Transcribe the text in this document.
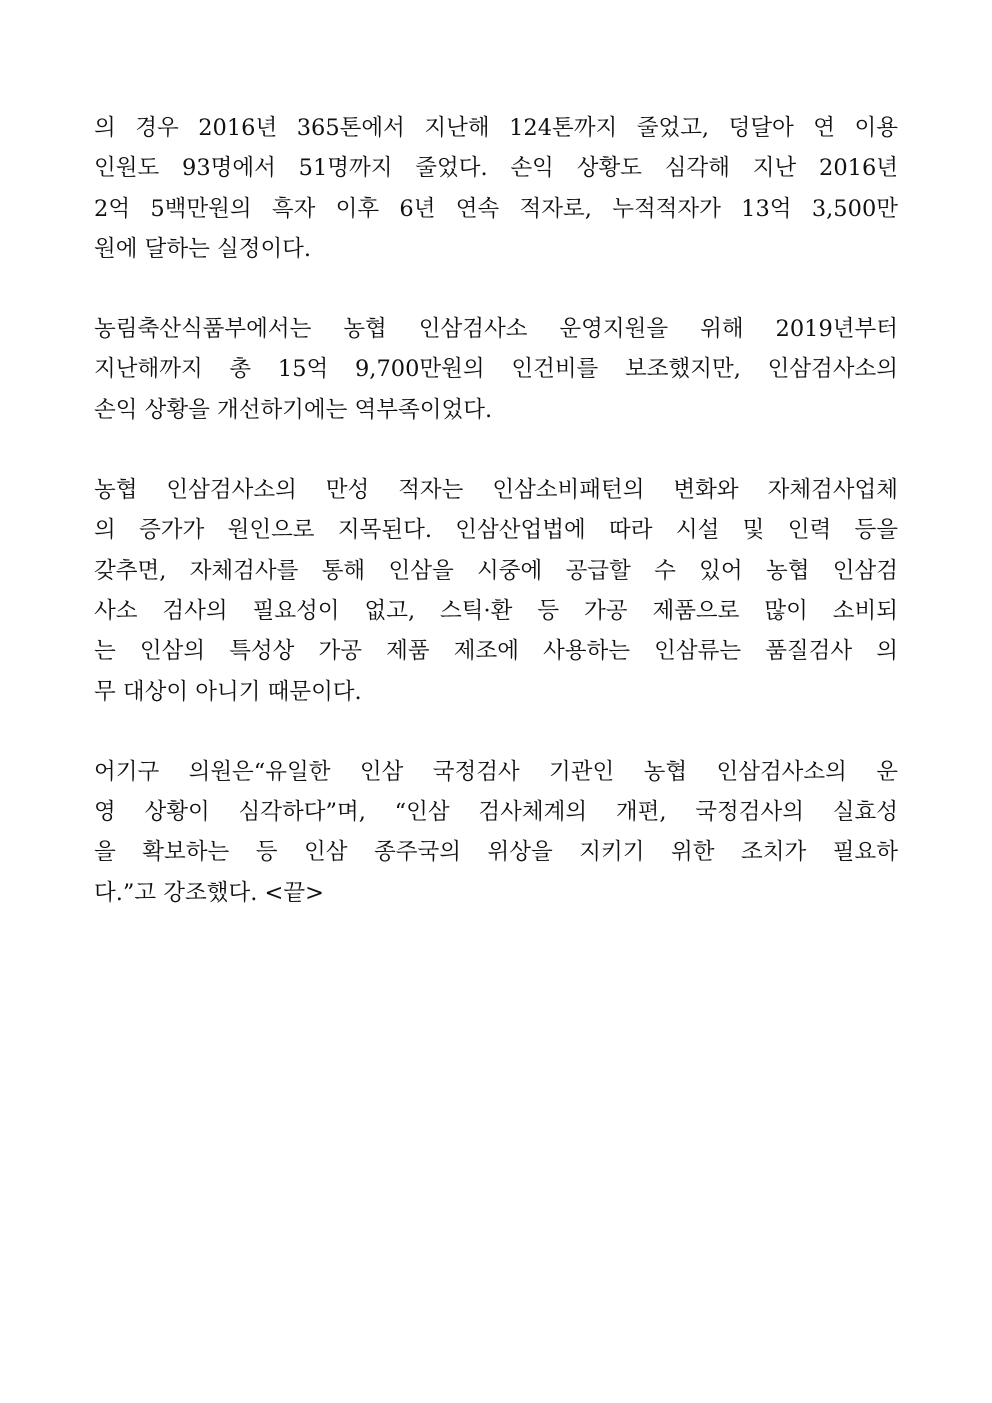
의 경우 2016년 365톤에서 지난해 124톤까지 줄었고, 덩달아 연 이용
인원도 93명에서 51명까지 줄었다. 손익 상황도 심각해 지난 2016년
2억 5백만원의 흑자 이후 6년 연속 적자로, 누적적자가 13억 3,500만
원에 달하는 실정이다.
농림축산식품부에서는 농협 인삼검사소 운영지원을 위해 2019년부터
지난해까지 총 15억 9,700만원의 인건비를 보조했지만, 인삼검사소의
손익 상황을 개선하기에는 역부족이었다.
농협 인삼검사소의 만성 적자는 인삼소비패턴의 변화와 자체검사업체
의 증가가 원인으로 지목된다. 인삼산업법에 따라 시설 및 인력 등을
갖추면, 자체검사를 통해 인삼을 시중에 공급할 수 있어 농협 인삼검
사소 검사의 필요성이 없고, 스틱·환 등 가공 제품으로 많이 소비되
는 인삼의 특성상 가공 제품 제조에 사용하는 인삼류는 품질검사 의
무 대상이 아니기 때문이다.
어기구 의원은“유일한 인삼 국정검사 기관인 농협 인삼검사소의 운
영 상황이 심각하다”며, “인삼 검사체계의 개편, 국정검사의 실효성
을 확보하는 등 인삼 종주국의 위상을 지키기 위한 조치가 필요하
다.”고 강조했다. <끝>
